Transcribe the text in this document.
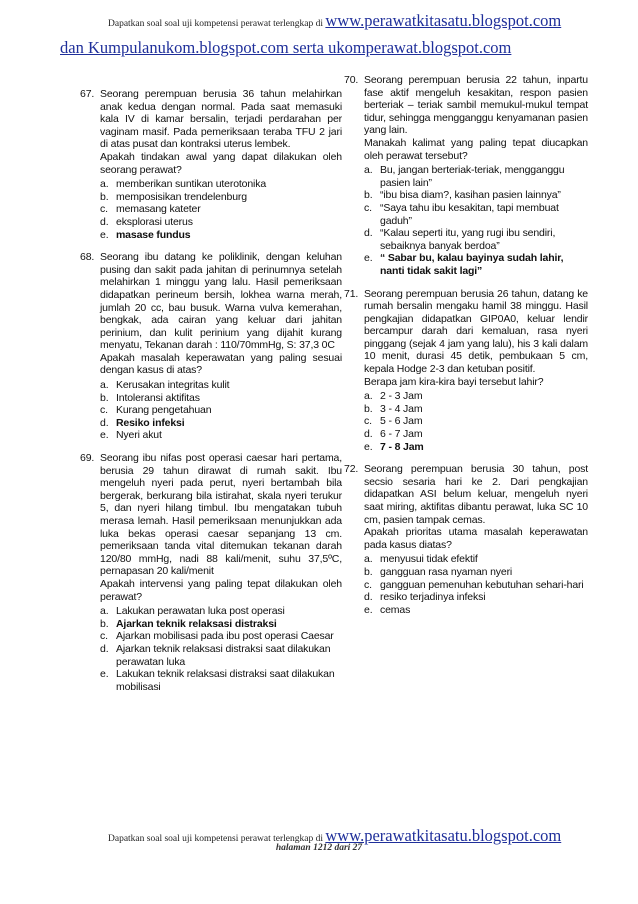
Dapatkan soal soal uji kompetensi perawat terlengkap di www.perawatkitasatu.blogspot.com
dan Kumpulanukom.blogspot.com serta ukomperawat.blogspot.com
67. Seorang perempuan berusia 36 tahun melahirkan anak kedua dengan normal. Pada saat memasuki kala IV di kamar bersalin, terjadi perdarahan per vaginam masif. Pada pemeriksaan teraba TFU 2 jari di atas pusat dan kontraksi uterus lembek.

Apakah tindakan awal yang dapat dilakukan oleh seorang perawat?

a. memberikan suntikan uterotonika
b. memposisikan trendelenburg
c. memasang kateter
d. eksplorasi uterus
e. masase fundus
68. Seorang ibu datang ke poliklinik, dengan keluhan pusing dan sakit pada jahitan di perinumnya setelah melahirkan 1 minggu yang lalu. Hasil pemeriksaan didapatkan perineum bersih, lokhea warna merah, jumlah 20 cc, bau busuk. Warna vulva kemerahan, bengkak, ada cairan yang keluar dari jahitan perinium, dan kulit perinium yang dijahit kurang menyatu, Tekanan darah : 110/70mmHg, S: 37,3 0C

Apakah masalah keperawatan yang paling sesuai dengan kasus di atas?

a. Kerusakan integritas kulit
b. Intoleransi aktifitas
c. Kurang pengetahuan
d. Resiko infeksi
e. Nyeri akut
69. Seorang ibu nifas post operasi caesar hari pertama, berusia 29 tahun dirawat di rumah sakit. Ibu mengeluh nyeri pada perut, nyeri bertambah bila bergerak, berkurang bila istirahat, skala nyeri terukur 5, dan nyeri hilang timbul. Ibu mengatakan tubuh merasa lemah. Hasil pemeriksaan menunjukkan ada luka bekas operasi caesar sepanjang 13 cm. pemeriksaan tanda vital ditemukan tekanan darah 120/80 mmHg, nadi 88 kali/menit, suhu 37,5ºC, pernapasan 20 kali/menit

Apakah intervensi yang paling tepat dilakukan oleh perawat?

a. Lakukan perawatan luka post operasi
b. Ajarkan teknik relaksasi distraksi
c. Ajarkan mobilisasi pada ibu post operasi Caesar
d. Ajarkan teknik relaksasi distraksi saat dilakukan perawatan luka
e. Lakukan teknik relaksasi distraksi saat dilakukan mobilisasi
70. Seorang perempuan berusia 22 tahun, inpartu fase aktif mengeluh kesakitan, respon pasien berteriak – teriak sambil memukul-mukul tempat tidur, sehingga mengganggu kenyamanan pasien yang lain.

Manakah kalimat yang paling tepat diucapkan oleh perawat tersebut?

a. Bu, jangan berteriak-teriak, mengganggu pasien lain”
b. “ibu bisa diam?, kasihan pasien lainnya”
c. “Saya tahu ibu kesakitan, tapi membuat gaduh”
d. “Kalau seperti itu, yang rugi ibu sendiri, sebaiknya banyak berdoa”
e. “ Sabar bu, kalau bayinya sudah lahir, nanti tidak sakit lagi”
71. Seorang perempuan berusia 26 tahun, datang ke rumah bersalin mengaku hamil 38 minggu. Hasil pengkajian didapatkan GIP0A0, keluar lendir bercampur darah dari kemaluan, rasa nyeri pinggang (sejak 4 jam yang lalu), his 3 kali dalam 10 menit, durasi 45 detik, pembukaan 5 cm, kepala Hodge 2-3 dan ketuban positif.

Berapa jam kira-kira bayi tersebut lahir?

a. 2 - 3 Jam
b. 3 - 4 Jam
c. 5 - 6 Jam
d. 6 - 7 Jam
e. 7 - 8 Jam
72. Seorang perempuan berusia 30 tahun, post secsio sesaria hari ke 2. Dari pengkajian didapatkan ASI belum keluar, mengeluh nyeri saat miring, aktifitas dibantu perawat, luka SC 10 cm, pasien tampak cemas.

Apakah prioritas utama masalah keperawatan pada kasus diatas?

a. menyusui tidak efektif
b. gangguan rasa nyaman nyeri
c. gangguan pemenuhan kebutuhan sehari-hari
d. resiko terjadinya infeksi
e. cemas
Dapatkan soal soal uji kompetensi perawat terlengkap di www.perawatkitasatu.blogspot.com
halaman 1212 dari 27
